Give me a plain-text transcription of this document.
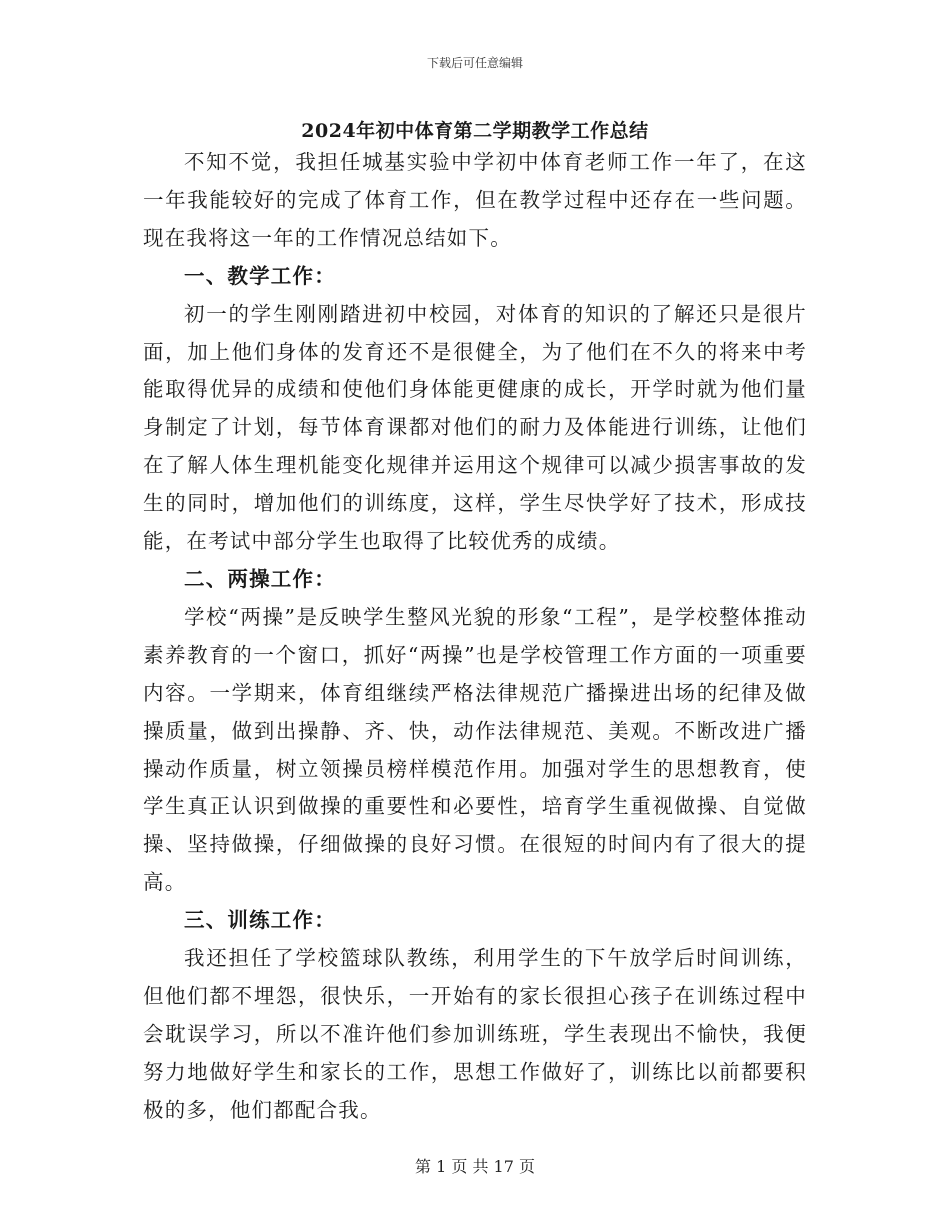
下载后可任意编辑
2024年初中体育第二学期教学工作总结

不知不觉，我担任城基实验中学初中体育老师工作一年了，在这一年我能较好的完成了体育工作，但在教学过程中还存在一些问题。现在我将这一年的工作情况总结如下。

一、教学工作：

初一的学生刚刚踏进初中校园，对体育的知识的了解还只是很片面，加上他们身体的发育还不是很健全，为了他们在不久的将来中考能取得优异的成绩和使他们身体能更健康的成长，开学时就为他们量身制定了计划，每节体育课都对他们的耐力及体能进行训练，让他们在了解人体生理机能变化规律并运用这个规律可以减少损害事故的发生的同时，增加他们的训练度，这样，学生尽快学好了技术，形成技能，在考试中部分学生也取得了比较优秀的成绩。

二、两操工作：

学校“两操”是反映学生整风光貌的形象“工程”，是学校整体推动素养教育的一个窗口，抓好“两操”也是学校管理工作方面的一项重要内容。一学期来，体育组继续严格法律规范广播操进出场的纪律及做操质量，做到出操静、齐、快，动作法律规范、美观。不断改进广播操动作质量，树立领操员榜样模范作用。加强对学生的思想教育，使学生真正认识到做操的重要性和必要性，培育学生重视做操、自觉做操、坚持做操，仔细做操的良好习惯。在很短的时间内有了很大的提高。

三、训练工作：

我还担任了学校篮球队教练，利用学生的下午放学后时间训练，但他们都不埋怨，很快乐，一开始有的家长很担心孩子在训练过程中会耽误学习，所以不准许他们参加训练班，学生表现出不愉快，我便努力地做好学生和家长的工作，思想工作做好了，训练比以前都要积极的多，他们都配合我。

第 1 页 共 17 页
